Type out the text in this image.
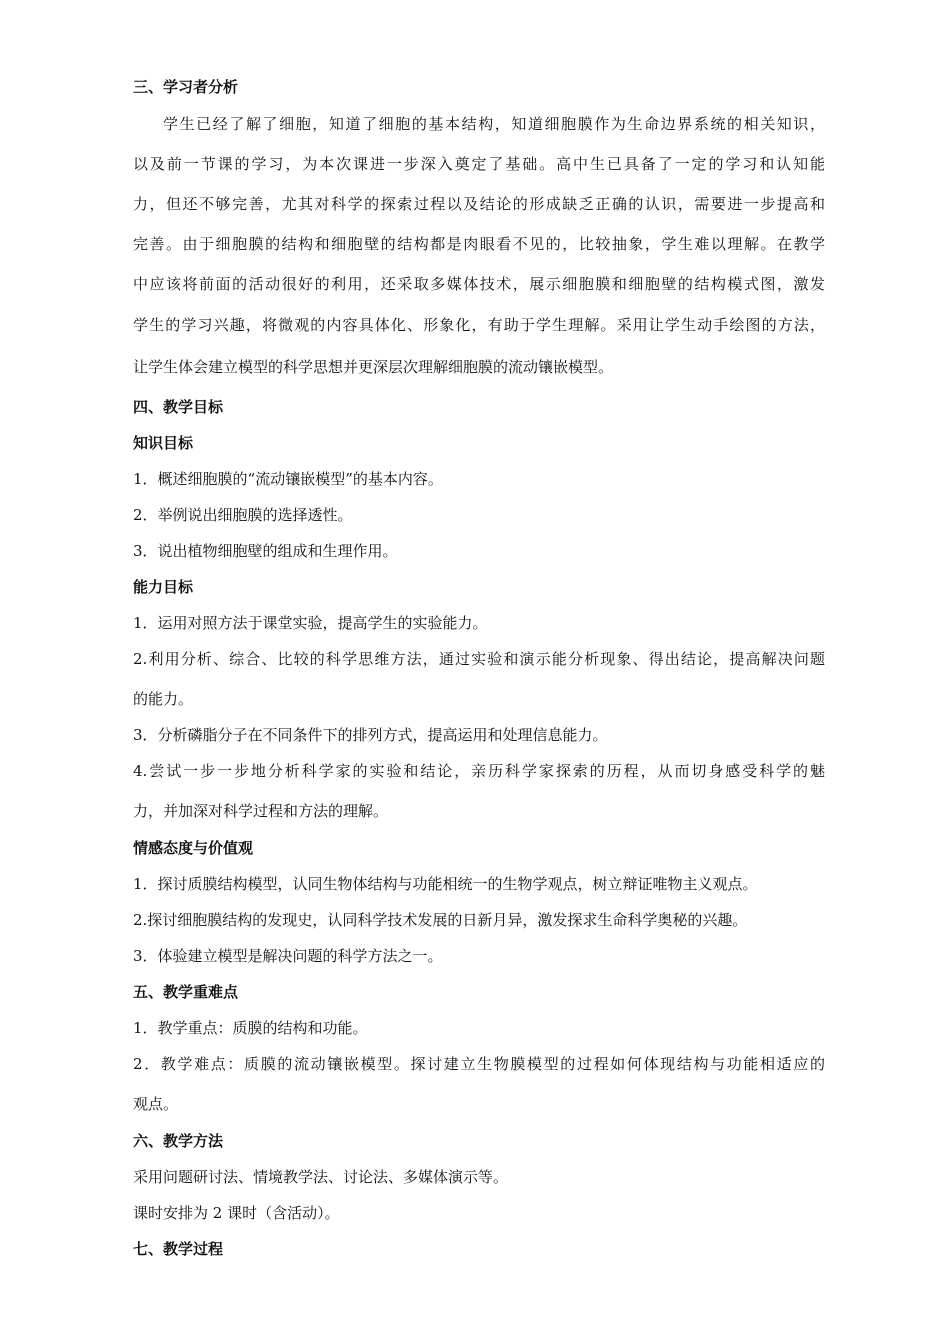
三、学习者分析
学生已经了解了细胞，知道了细胞的基本结构，知道细胞膜作为生命边界系统的相关知识，
以及前一节课的学习，为本次课进一步深入奠定了基础。高中生已具备了一定的学习和认知能
力，但还不够完善，尤其对科学的探索过程以及结论的形成缺乏正确的认识，需要进一步提高和
完善。由于细胞膜的结构和细胞壁的结构都是肉眼看不见的，比较抽象，学生难以理解。在教学
中应该将前面的活动很好的利用，还采取多媒体技术，展示细胞膜和细胞壁的结构模式图，激发
学生的学习兴趣，将微观的内容具体化、形象化，有助于学生理解。采用让学生动手绘图的方法，
让学生体会建立模型的科学思想并更深层次理解细胞膜的流动镶嵌模型。
四、教学目标
知识目标
1．概述细胞膜的“流动镶嵌模型”的基本内容。
2．举例说出细胞膜的选择透性。
3．说出植物细胞壁的组成和生理作用。
能力目标
1．运用对照方法于课堂实验，提高学生的实验能力。
2.利用分析、综合、比较的科学思维方法，通过实验和演示能分析现象、得出结论，提高解决问题
的能力。
3．分析磷脂分子在不同条件下的排列方式，提高运用和处理信息能力。
4.尝试一步一步地分析科学家的实验和结论，亲历科学家探索的历程，从而切身感受科学的魅
力，并加深对科学过程和方法的理解。
情感态度与价值观
1．探讨质膜结构模型，认同生物体结构与功能相统一的生物学观点，树立辩证唯物主义观点。
2.探讨细胞膜结构的发现史，认同科学技术发展的日新月异，激发探求生命科学奥秘的兴趣。
3．体验建立模型是解决问题的科学方法之一。
五、教学重难点
1．教学重点：质膜的结构和功能。
2．教学难点：质膜的流动镶嵌模型。探讨建立生物膜模型的过程如何体现结构与功能相适应的
观点。
六、教学方法
采用问题研讨法、情境教学法、讨论法、多媒体演示等。
课时安排为 2 课时（含活动）。
七、教学过程
